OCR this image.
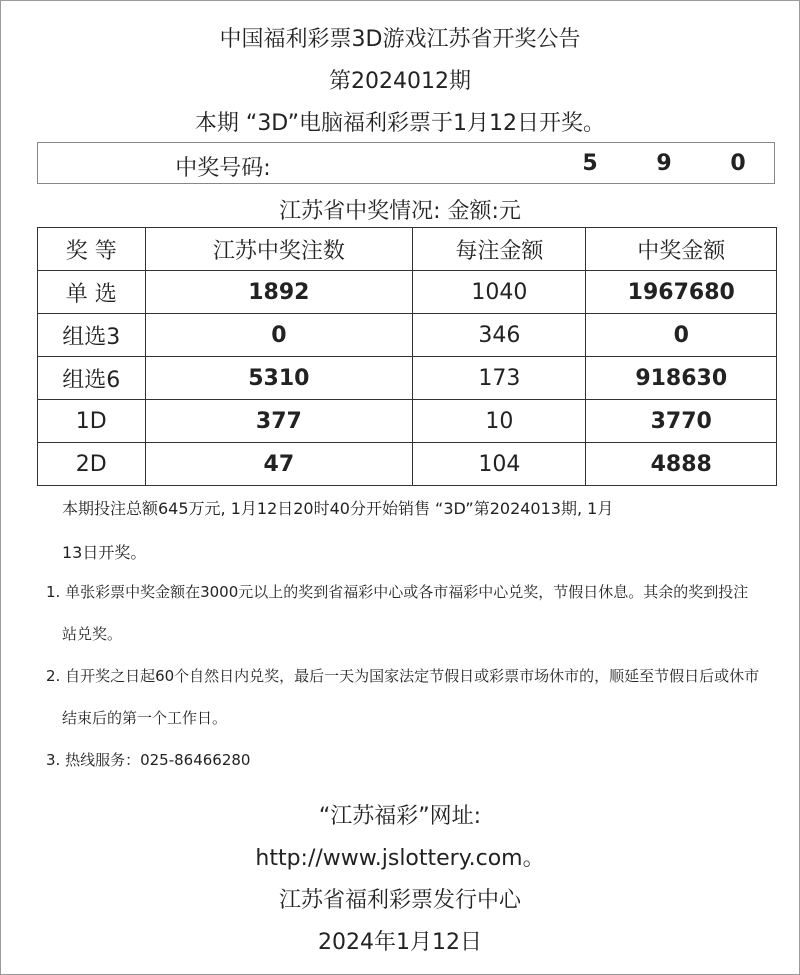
中国福利彩票3D游戏江苏省开奖公告
第2024012期
本期 “3D”电脑福利彩票于1月12日开奖。
中奖号码:	5	9	0
江苏省中奖情况: 金额:元
奖 等	江苏中奖注数	每注金额	中奖金额
单 选	1892	1040	1967680
组选3	0	346	0
组选6	5310	173	918630
1D	377	10	3770
2D	47	104	4888
本期投注总额645万元, 1月12日20时40分开始销售 “3D”第2024013期, 1月
13日开奖。
1. 单张彩票中奖金额在3000元以上的奖到省福彩中心或各市福彩中心兑奖，节假日休息。其余的奖到投注
站兑奖。
2. 自开奖之日起60个自然日内兑奖，最后一天为国家法定节假日或彩票市场休市的，顺延至节假日后或休市
结束后的第一个工作日。
3. 热线服务：025-86466280
“江苏福彩”网址:
http://www.jslottery.com。
江苏省福利彩票发行中心
2024年1月12日
